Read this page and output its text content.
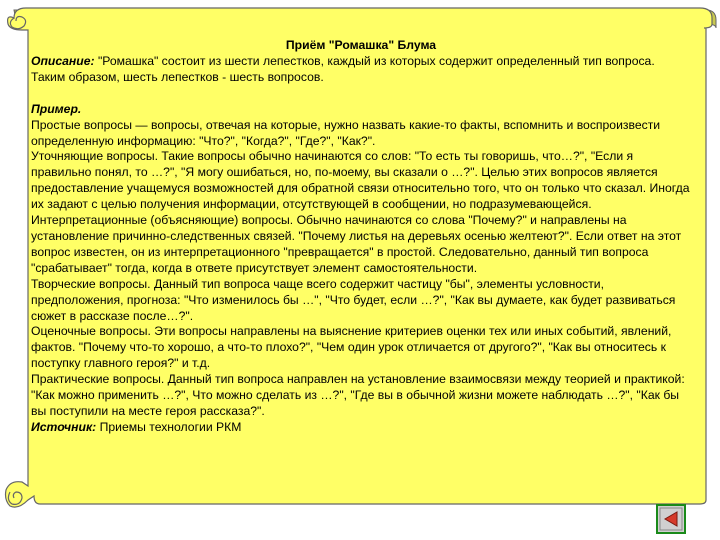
Приём "Ромашка" Блума

Описание: "Ромашка" состоит из шести лепестков, каждый из которых содержит определенный тип вопроса. Таким образом, шесть лепестков - шесть вопросов.

Пример.

Простые вопросы — вопросы, отвечая на которые, нужно назвать какие-то факты, вспомнить и воспроизвести определенную информацию: "Что?", "Когда?", "Где?", "Как?".

Уточняющие вопросы. Такие вопросы обычно начинаются со слов: "То есть ты говоришь, что…?", "Если я правильно понял, то …?", "Я могу ошибаться, но, по-моему, вы сказали о …?". Целью этих вопросов является предоставление учащемуся возможностей для обратной связи относительно того, что он только что сказал. Иногда их задают с целью получения информации, отсутствующей в сообщении, но подразумевающейся.

Интерпретационные (объясняющие) вопросы. Обычно начинаются со слова "Почему?" и направлены на установление причинно-следственных связей. "Почему листья на деревьях осенью желтеют?". Если ответ на этот вопрос известен, он из интерпретационного "превращается" в простой. Следовательно, данный тип вопроса "срабатывает" тогда, когда в ответе присутствует элемент самостоятельности.

Творческие вопросы. Данный тип вопроса чаще всего содержит частицу "бы", элементы условности, предположения, прогноза: "Что изменилось бы …", "Что будет, если …?", "Как вы думаете, как будет развиваться сюжет в рассказе после…?".

Оценочные вопросы. Эти вопросы направлены на выяснение критериев оценки тех или иных событий, явлений, фактов. "Почему что-то хорошо, а что-то плохо?", "Чем один урок отличается от другого?", "Как вы относитесь к поступку главного героя?" и т.д.

Практические вопросы. Данный тип вопроса направлен на установление взаимосвязи между теорией и практикой: "Как можно применить …?", Что можно сделать из …?", "Где вы в обычной жизни можете наблюдать …?", "Как бы вы поступили на месте героя рассказа?".

Источник: Приемы технологии РКМ
